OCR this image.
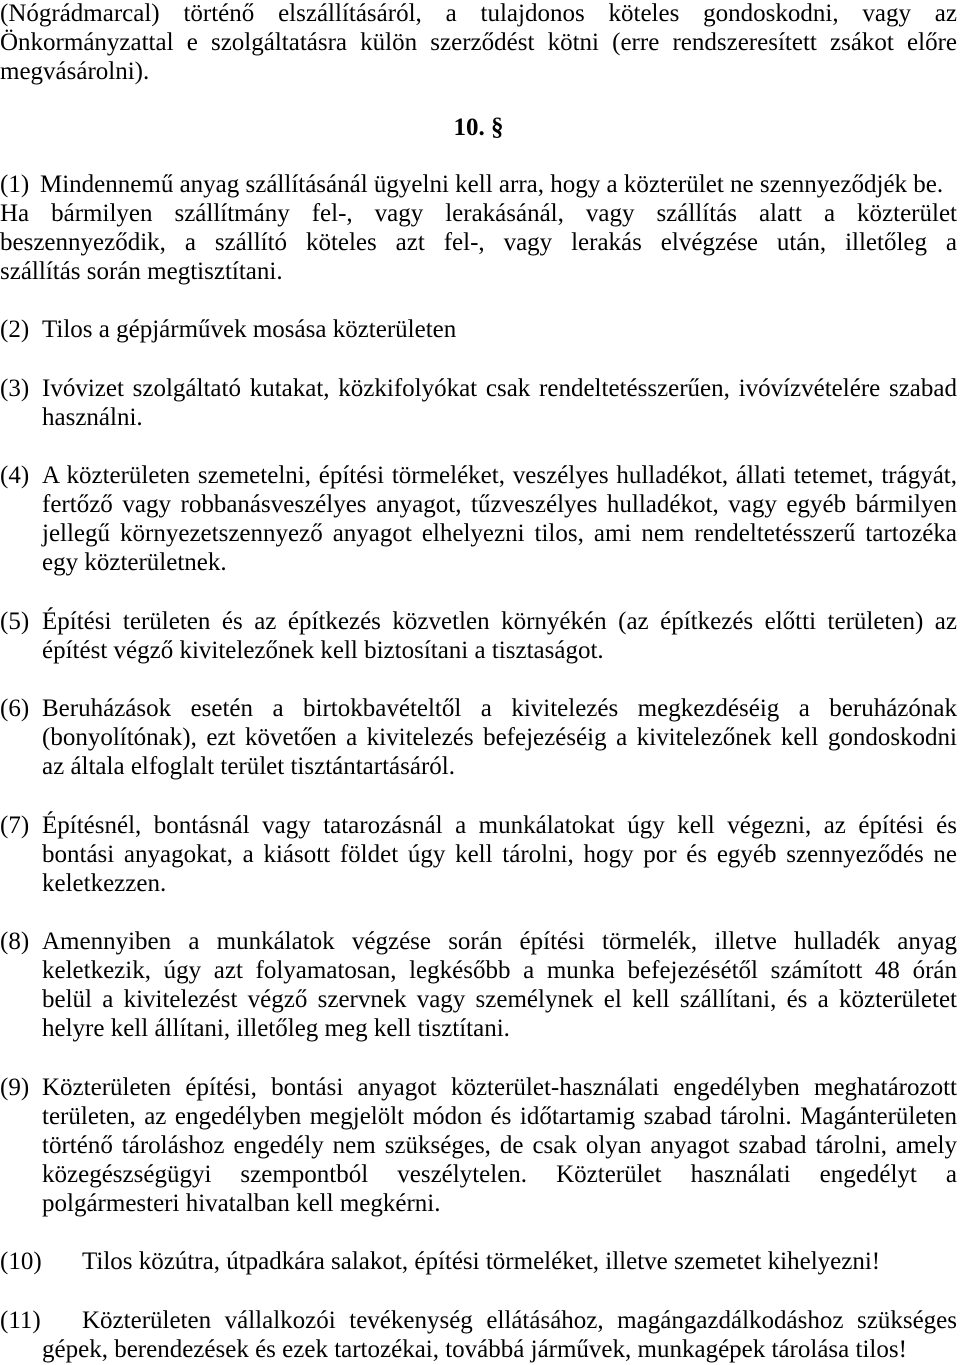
(Nógrádmarcal) történő elszállításáról, a tulajdonos köteles gondoskodni, vagy az
Önkormányzattal e szolgáltatásra külön szerződést kötni (erre rendszeresített zsákot előre
megvásárolni).
10. §
(1) Mindennemű anyag szállításánál ügyelni kell arra, hogy a közterület ne szennyeződjék be.
Ha bármilyen szállítmány fel-, vagy lerakásánál, vagy szállítás alatt a közterület
beszennyeződik, a szállító köteles azt fel-, vagy lerakás elvégzése után, illetőleg a
szállítás során megtisztítani.
(2) Tilos a gépjárművek mosása közterületen
(3) Ivóvizet szolgáltató kutakat, közkifolyókat csak rendeltetésszerűen, ivóvízvételére szabad
használni.
(4) A közterületen szemetelni, építési törmeléket, veszélyes hulladékot, állati tetemet, trágyát,
fertőző vagy robbanásveszélyes anyagot, tűzveszélyes hulladékot, vagy egyéb bármilyen
jellegű környezetszennyező anyagot elhelyezni tilos, ami nem rendeltetésszerű tartozéka
egy közterületnek.
(5) Építési területen és az építkezés közvetlen környékén (az építkezés előtti területen) az
építést végző kivitelezőnek kell biztosítani a tisztaságot.
(6) Beruházások esetén a birtokbavételtől a kivitelezés megkezdéséig a beruházónak
(bonyolítónak), ezt követően a kivitelezés befejezéséig a kivitelezőnek kell gondoskodni
az általa elfoglalt terület tisztántartásáról.
(7) Építésnél, bontásnál vagy tatarozásnál a munkálatokat úgy kell végezni, az építési és
bontási anyagokat, a kiásott földet úgy kell tárolni, hogy por és egyéb szennyeződés ne
keletkezzen.
(8) Amennyiben a munkálatok végzése során építési törmelék, illetve hulladék anyag
keletkezik, úgy azt folyamatosan, legkésőbb a munka befejezésétől számított 48 órán
belül a kivitelezést végző szervnek vagy személynek el kell szállítani, és a közterületet
helyre kell állítani, illetőleg meg kell tisztítani.
(9) Közterületen építési, bontási anyagot közterület-használati engedélyben meghatározott
területen, az engedélyben megjelölt módon és időtartamig szabad tárolni. Magánterületen
történő tároláshoz engedély nem szükséges, de csak olyan anyagot szabad tárolni, amely
közegészségügyi szempontból veszélytelen. Közterület használati engedélyt a
polgármesteri hivatalban kell megkérni.
(10) Tilos közútra, útpadkára salakot, építési törmeléket, illetve szemetet kihelyezni!
(11) Közterületen vállalkozói tevékenység ellátásához, magángazdálkodáshoz szükséges
gépek, berendezések és ezek tartozékai, továbbá járművek, munkagépek tárolása tilos!
